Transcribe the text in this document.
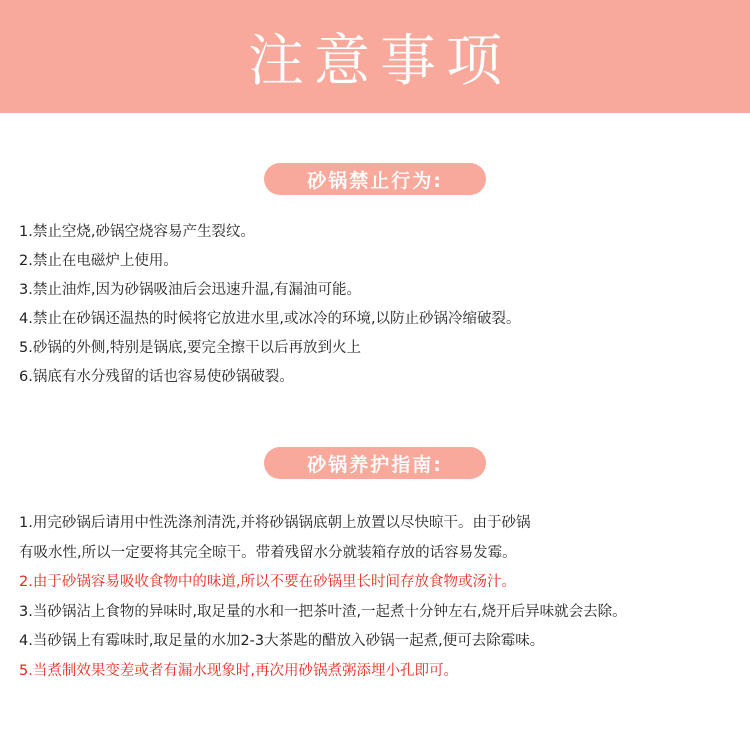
注意事项
砂锅禁止行为:
1.禁止空烧,砂锅空烧容易产生裂纹。
2.禁止在电磁炉上使用。
3.禁止油炸,因为砂锅吸油后会迅速升温,有漏油可能。
4.禁止在砂锅还温热的时候将它放进水里,或冰冷的环境,以防止砂锅冷缩破裂。
5.砂锅的外侧,特别是锅底,要完全擦干以后再放到火上
6.锅底有水分残留的话也容易使砂锅破裂。
砂锅养护指南:
1.用完砂锅后请用中性洗涤剂清洗,并将砂锅锅底朝上放置以尽快晾干。由于砂锅
有吸水性,所以一定要将其完全晾干。带着残留水分就装箱存放的话容易发霉。
2.由于砂锅容易吸收食物中的味道,所以不要在砂锅里长时间存放食物或汤汁。
3.当砂锅沾上食物的异味时,取足量的水和一把茶叶渣,一起煮十分钟左右,烧开后异味就会去除。
4.当砂锅上有霉味时,取足量的水加2-3大茶匙的醋放入砂锅一起煮,便可去除霉味。
5.当煮制效果变差或者有漏水现象时,再次用砂锅煮粥添埋小孔即可。
